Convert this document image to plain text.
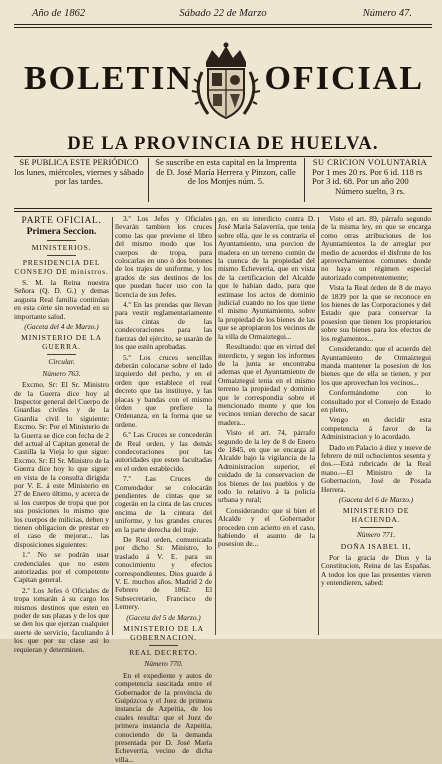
Año de 1862	Sábado 22 de Marzo	Número 47.
BOLETIN OFICIAL
DE LA PROVINCIA DE HUELVA.
SE PUBLICA ESTE PERIÓDICO
los lunes, miércoles, viernes y sábado
por las tardes.
Se suscribe en esta capital en la Imprenta
de D. José María Herrera y Pinzon, calle
de los Monjes núm. 5.
SU CRICION VOLUNTARIA
Por 1 mes 20 rs. Por 6 id. 118 rs
Por 3 id. 68. Por un año 200
Número suelto, 3 rs.
PARTE OFICIAL.
Primera Seccion.
MINISTERIOS.
PRESIDENCIA DEL CONSEJO DE ministros.

S. M. la Reina nuestra Señora (Q. D. G.) y demas augusta Real familia continúan en esta córte sin novedad en su importante salud.

(Gaceta del 4 de Marzo.)
MINISTERIO DE LA GUERRA.
Circular.
Número 763.

Excmo. Sr: El Sr. Ministro de la Guerra dice hoy al Inspector general del Cuerpo de Guardias civiles y de la Guardia civil lo siguiente: Excmo. Sr: Por el Ministerio de la Guerra se dice con fecha de 2 del actual al Capitan general de Castilla la Vieja lo que sigue: Excmo. Sr: El Sr. Ministro de la Guerra dice hoy lo que sigue: en vista de la consulta dirigida por V. E. á este Ministerio en 27 de Enero último, y acerca de si los cuerpos de tropa que por sus posiciones lo mismo que los cuerpos de milicias, deben y tienen obligacion de prestar en el caso de mejorar... las disposiciones siguientes:

1.º No se podrán usar credenciales que no esten autorizadas por el competente Capitan general.

2.º Los Jefes ó Oficiales de tropa tomarán á su cargo los mismos destinos que esten en poder de sus plazas y de los que se den los que ejerzan cualquier suerte de servicio, facultando á los que por su clase asi lo requieran y determinen.

3.º Los Jefes y Oficiales llevarán tambien los cruces como las que previene el libro del mismo modo que los cuerpos de tropa, para colocarlas en uno ó dos botones de los trajes de uniforme, y los grados de sus destinos de los que puedan hacer uso con la licencia de sus Jefes.

4.º En las prendas que llevan para vestir reglamentariamente las cintas de las condecoraciones para las fuerzas del ejército, se usarán de los que estén aprobadas.

5.º Los cruces sencillas deberán colocarse sobre el lado izquierdo del pecho, y en el orden que establece el real decreto que las instituye, y las placas y bandas con el mismo órden que prefiere la Ordenanza, en la forma que se ordene.

6.º Las Cruces se concederán de Real orden, y las demás condecoraciones por las autoridades que esten facultadas en el orden establecido.

7.º Las Cruces de Comendador se colocarán pendientes de cintas que se cogerán en la cinta de las cruces encima de la cintura del uniforme, y los grandes cruces en la parte derecha del traje.

De Real orden, comunicada por dicho Sr. Ministro, lo traslado á V. E. para su conocimiento y efectos correspondientes. Dios guarde á V. E. muchos años. Madrid 2 de Febrero de 1862. El Subsecretario, Francisco de Lemery.

(Gaceta del 5 de Marzo.)
MINISTERIO DE LA GOBERNACION.
REAL DECRETO.
Número 770.

En el expediente y autos de competencia suscitada entre el Gobernador de la provincia de Guipúzcoa y el Juez de primera instancia de Azpeitia, de los cuales resulta: que el Juez de primera instancia de Azpeitia, conociendo de la demanda presentada por D. José María Echeverría, vecino de dicha villa...

go, en su interdicto contra D. José María Salaverría, que tenia sobre ella, que le es contraria el Ayuntamiento, una porcion de madera en un terreno común de la cuenca de la propiedad del mismo Echeverría, que en vista de la certificacion del Alcalde que le habian dado, para que estimase los actos de dominio judicial cuando no los que tiene el mismo Ayuntamiento, sobre la propiedad de los bienes de las que se apropiaron los vecinos de la villa de Ormaiztegui...

Resultando: que en virtud del interdicto, y segun los informes de la junta se encontraba ademas que el Ayuntamiento de Ormaiztegui tenia en el mismo terreno la propiedad y dominio que le correspondia sobre el mencionado monte y que los vecinos tenian derecho de sacar madera...

Visto el art. 74, párrafo segundo de la ley de 8 de Enero de 1845, en que se encarga al Alcalde bajo la vigilancia de la Administracion superior, el cuidado de la conservacion de los bienes de los pueblos y de todo lo relativo á la policía urbana y rural;

Considerando: que si bien el Alcalde y el Gobernador proceden con acierto en el caso, habiendo el asunto de la posesion de...

Visto el art. 89, párrafo segundo de la misma ley, en que se encarga como otras atribuciones de los Ayuntamientos la de arreglar por medio de acuerdos el disfrute de los aprovechamientos comunes donde no haya un régimen especial autorizado competentemente;

Vista la Real órden de 8 de mayo de 1839 por la que se reconoce en los bienes de las Corporaciones y del Estado que para conservar la posesion que tienen los propietarios sobre sus bienes para los efectos de los reglamentos...

Considerando: que el acuerdo del Ayuntamiento de Ormaiztegui manda mantener la posesion de los bienes que de ella se tienen, y por los que aprovechan los vecinos...

Conformándome con lo consultado por el Consejo de Estado en pleno,

Vengo en decidir esta competencia á favor de la Administracion y lo acordado.

Dado en Palacio á diez y nueve de febrero de mil ochocientos sesenta y dos.—Está rubricado de la Real mano.—El Ministro de la Gobernacion, José de Posada Herrera.

(Gaceta del 6 de Marzo.)
MINISTERIO DE HACIENDA.
Número 771.
DOÑA ISABEL II,

Por la gracia de Dios y la Constitucion, Reina de las Españas. A todos los que las presentes vieren y entendieren, sabed:
